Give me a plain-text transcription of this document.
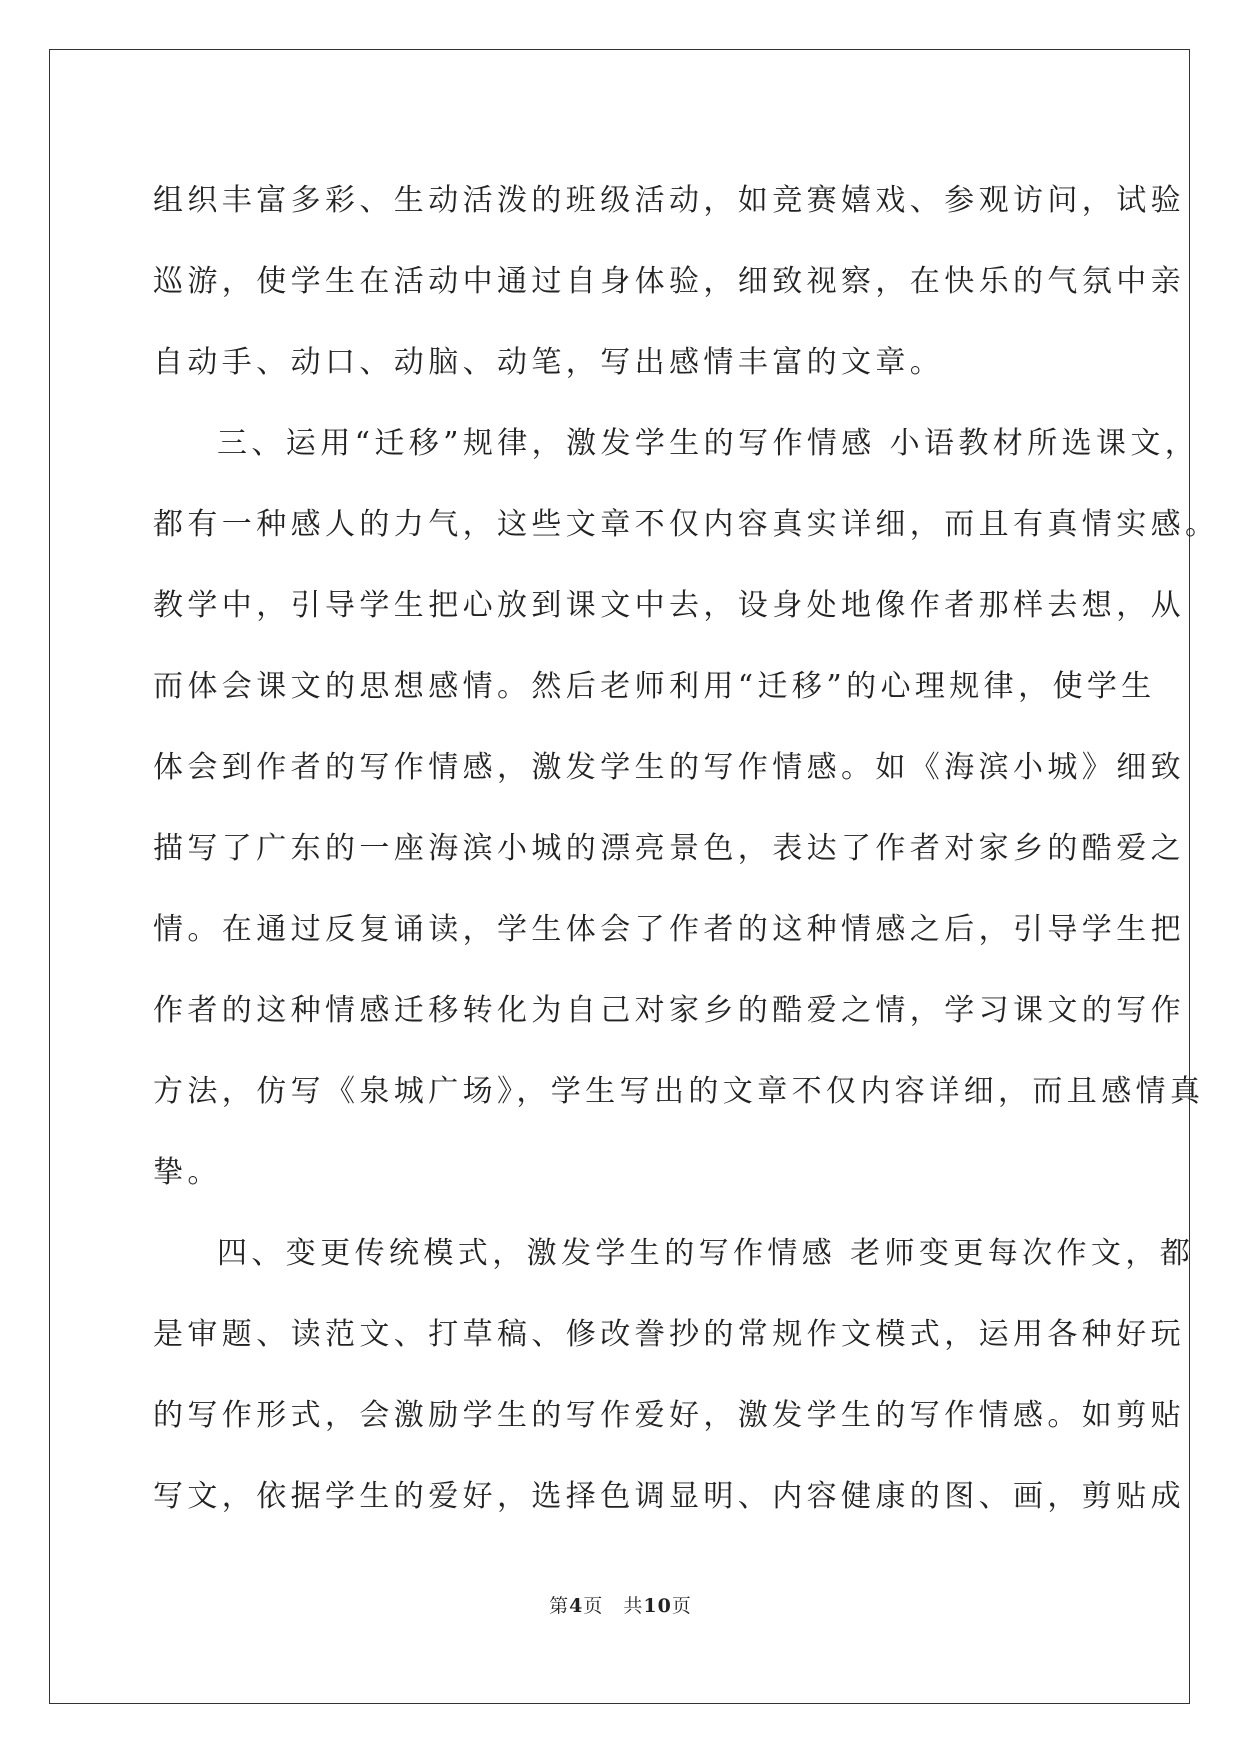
组织丰富多彩、生动活泼的班级活动，如竞赛嬉戏、参观访问，试验
巡游，使学生在活动中通过自身体验，细致视察，在快乐的气氛中亲
自动手、动口、动脑、动笔，写出感情丰富的文章。
三、运用“迁移”规律，激发学生的写作情感 小语教材所选课文，
都有一种感人的力气，这些文章不仅内容真实详细，而且有真情实感。
教学中，引导学生把心放到课文中去，设身处地像作者那样去想，从
而体会课文的思想感情。然后老师利用“迁移”的心理规律，使学生
体会到作者的写作情感，激发学生的写作情感。如《海滨小城》细致
描写了广东的一座海滨小城的漂亮景色，表达了作者对家乡的酷爱之
情。在通过反复诵读，学生体会了作者的这种情感之后，引导学生把
作者的这种情感迁移转化为自己对家乡的酷爱之情，学习课文的写作
方法，仿写《泉城广场》，学生写出的文章不仅内容详细，而且感情真
挚。
四、变更传统模式，激发学生的写作情感 老师变更每次作文，都
是审题、读范文、打草稿、修改誊抄的常规作文模式，运用各种好玩
的写作形式，会激励学生的写作爱好，激发学生的写作情感。如剪贴
写文，依据学生的爱好，选择色调显明、内容健康的图、画，剪贴成
第4页 共10页
